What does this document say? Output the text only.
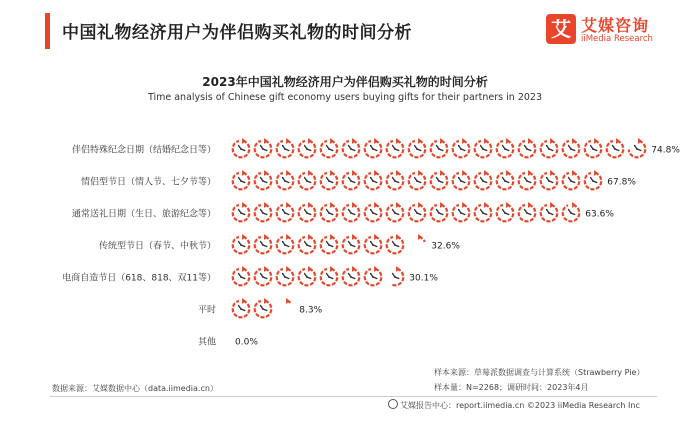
中国礼物经济用户为伴侣购买礼物的时间分析	艾 艾媒咨询
iiMedia Research
2023年中国礼物经济用户为伴侣购买礼物的时间分析
Time analysis of Chinese gift economy users buying gifts for their partners in 2023
伴侣特殊纪念日期（结婚纪念日等）	74.8%
情侣型节日（情人节、七夕节等）	67.8%
通常送礼日期（生日、旅游纪念等）	63.6%
传统型节日（春节、中秋节）	32.6%
电商自造节日（618、818、双11等）	30.1%
平时	8.3%
其他 0.0%
数据来源：艾媒数据中心（data.iimedia.cn）
样本来源：草莓派数据调查与计算系统（Strawberry Pie）
样本量：N=2268；调研时间：2023年4月
艾媒报告中心：report.iimedia.cn ©2023 iiMedia Research Inc
